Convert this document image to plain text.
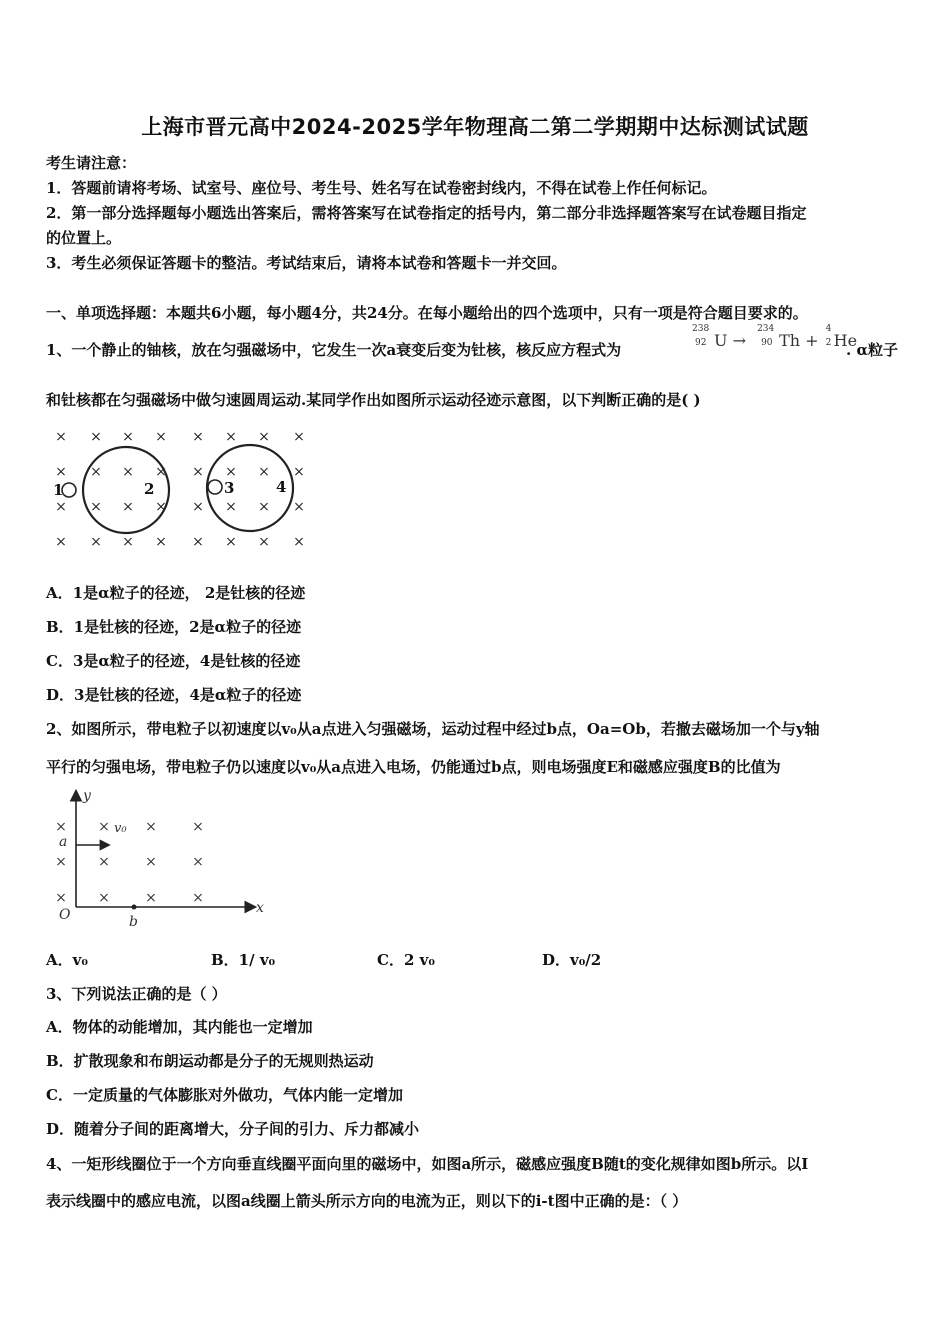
上海市晋元高中2024-2025学年物理高二第二学期期中达标测试试题
考生请注意：
1．答题前请将考场、试室号、座位号、考生号、姓名写在试卷密封线内，不得在试卷上作任何标记。
2．第一部分选择题每小题选出答案后，需将答案写在试卷指定的括号内，第二部分非选择题答案写在试卷题目指定
的位置上。
3．考生必须保证答题卡的整洁。考试结束后，请将本试卷和答题卡一并交回。
一、单项选择题：本题共6小题，每小题4分，共24分。在每小题给出的四个选项中，只有一项是符合题目要求的。
1、一个静止的铀核，放在匀强磁场中，它发生一次a衰变后变为钍核，核反应方程式为
238
92 U →
234
90 Th +
4
2 He
. α粒子
和钍核都在匀强磁场中做匀速圆周运动.某同学作出如图所示运动径迹示意图，以下判断正确的是( )
× × × × × × × ×
× × × × × × × ×
× × × × × × × ×
× × × × × × × ×
1	2	3	4
A．1是α粒子的径迹， 2是钍核的径迹
B．1是钍核的径迹，2是α粒子的径迹
C．3是α粒子的径迹，4是钍核的径迹
D．3是钍核的径迹，4是α粒子的径迹
2、如图所示，带电粒子以初速度以v₀从a点进入匀强磁场，运动过程中经过b点，Oa=Ob，若撤去磁场加一个与y轴
平行的匀强电场，带电粒子仍以速度以v₀从a点进入电场，仍能通过b点，则电场强度E和磁感应强度B的比值为
× ×	×	×
× ×	×	×
× ×	×	×
y
x
O
a
b
v₀
A．v₀	B．1/ v₀	C．2 v₀	D．v₀/2
3、下列说法正确的是（ ）
A．物体的动能增加，其内能也一定增加
B．扩散现象和布朗运动都是分子的无规则热运动
C．一定质量的气体膨胀对外做功，气体内能一定增加
D．随着分子间的距离增大，分子间的引力、斥力都减小
4、一矩形线圈位于一个方向垂直线圈平面向里的磁场中，如图a所示，磁感应强度B随t的变化规律如图b所示。以I
表示线圈中的感应电流，以图a线圈上箭头所示方向的电流为正，则以下的i-t图中正确的是：（ ）
